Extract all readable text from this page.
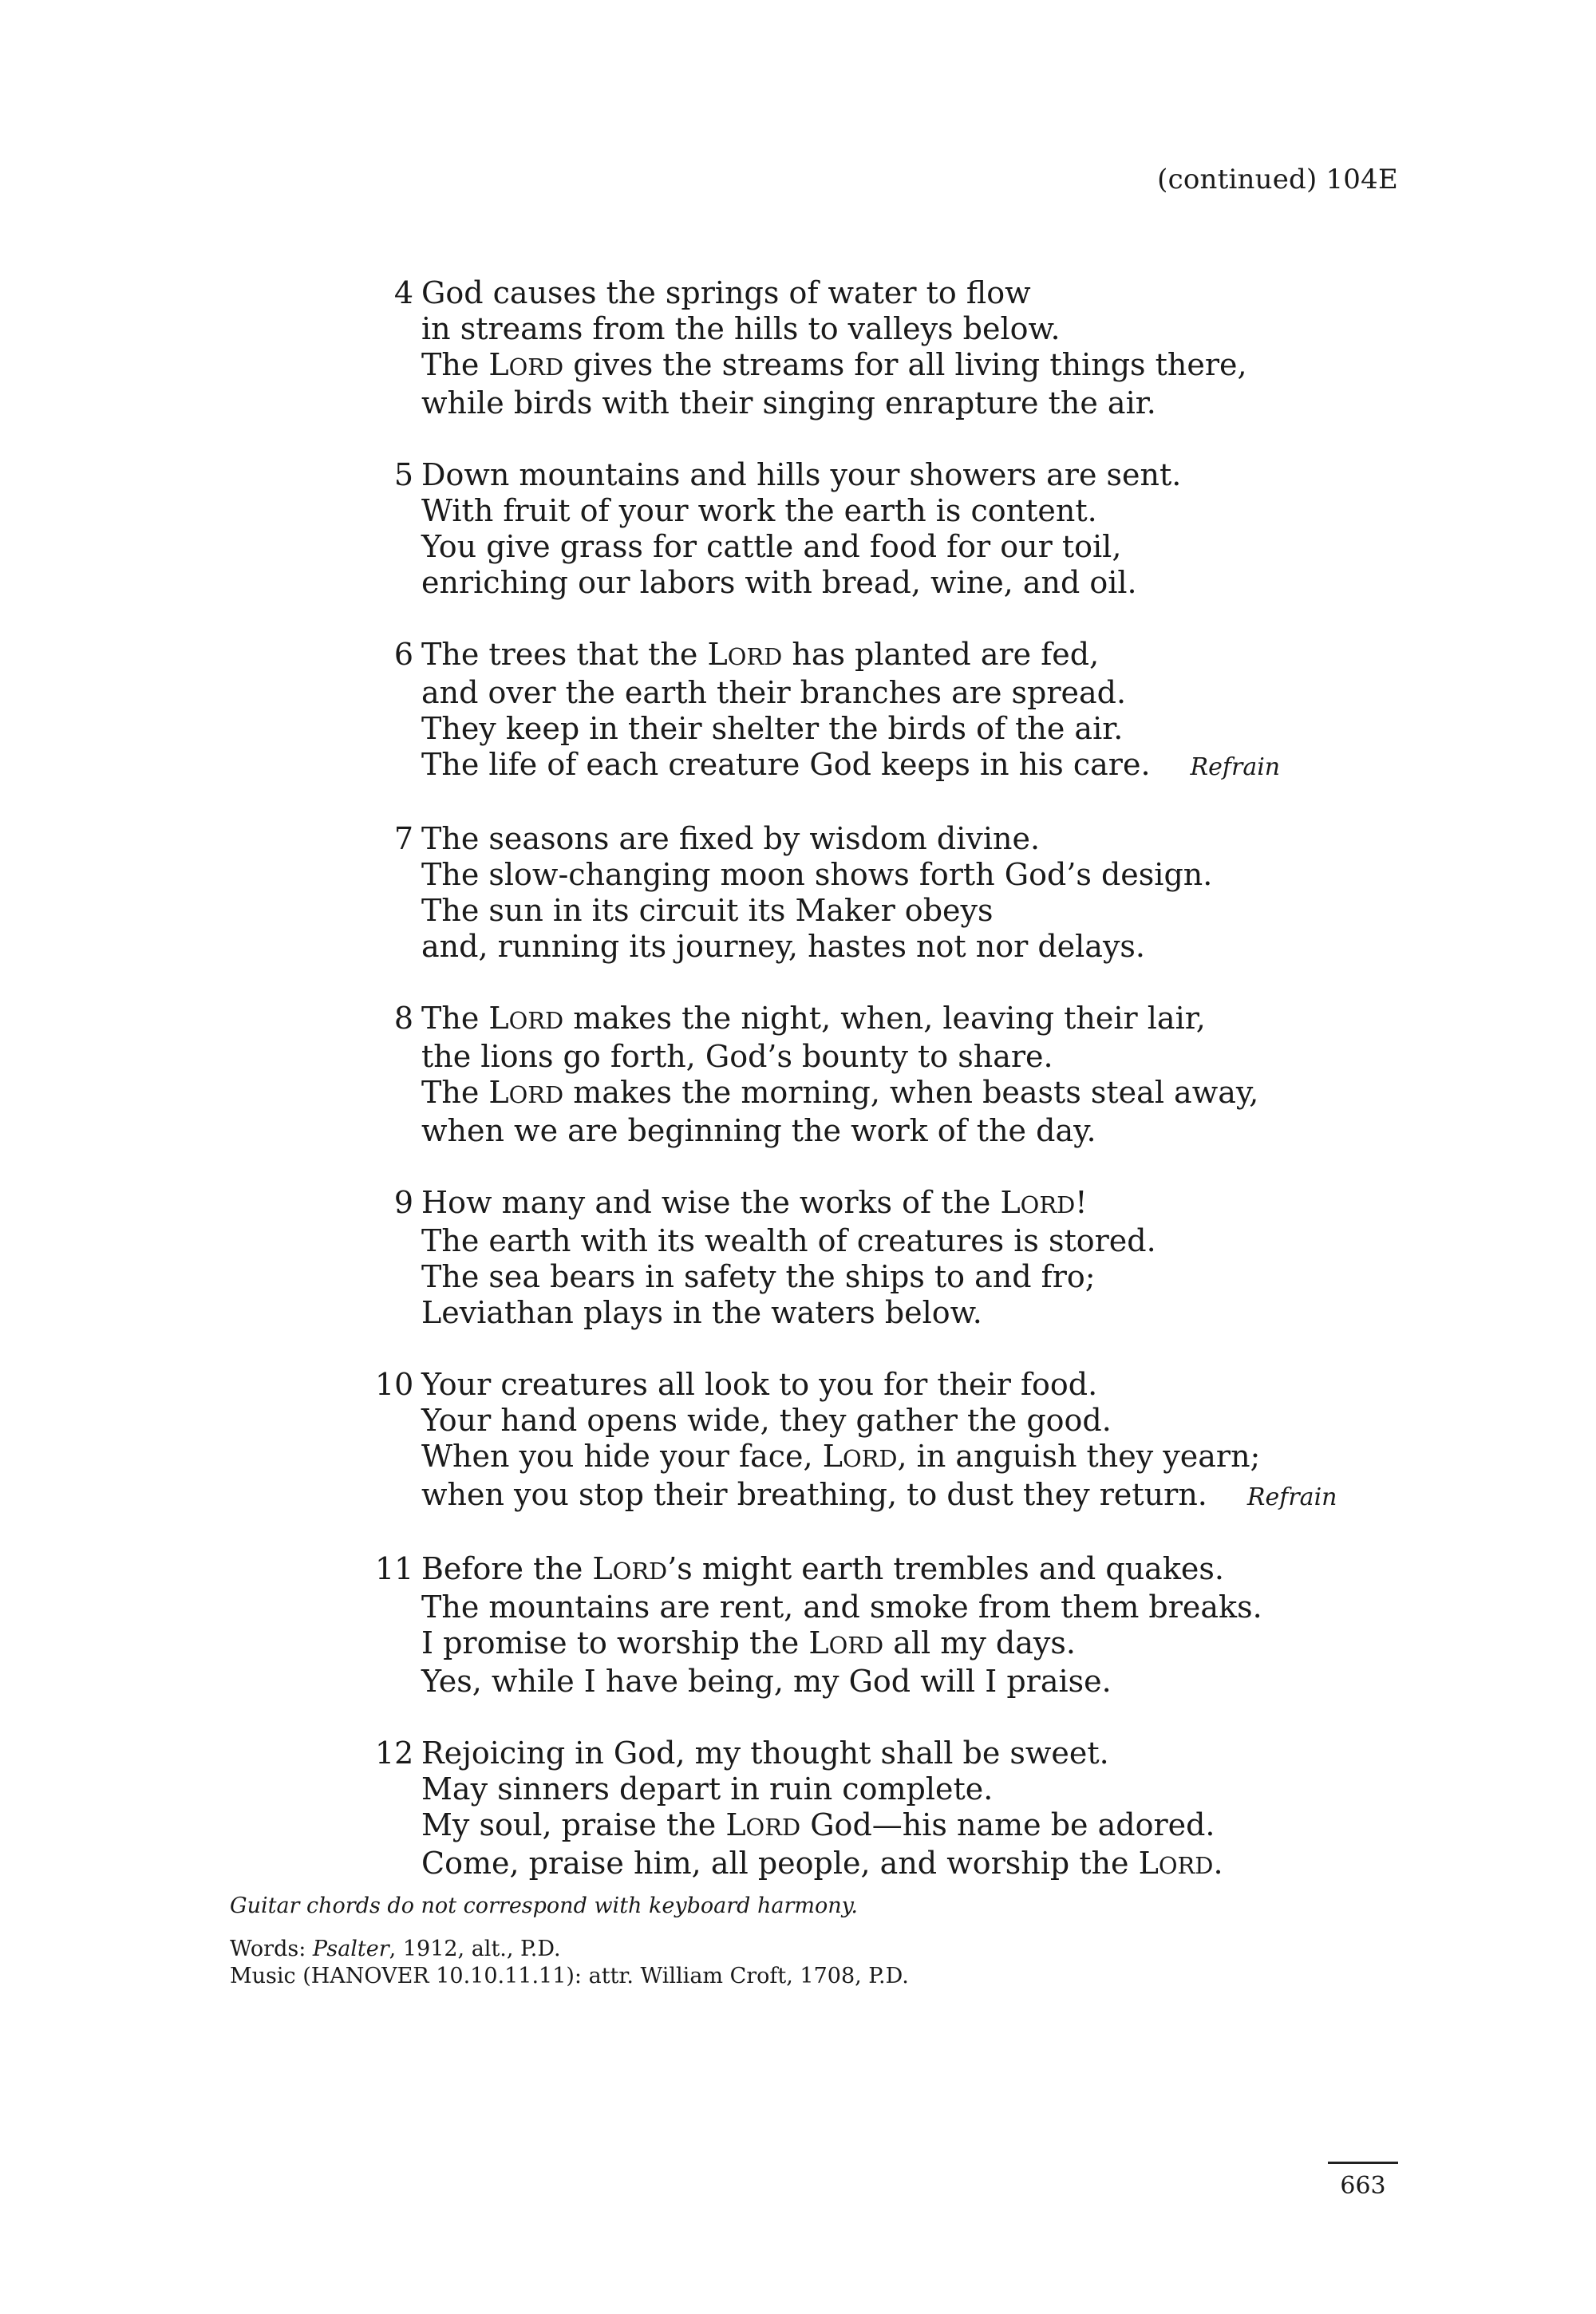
(continued) 104E
4 God causes the springs of water to flow
in streams from the hills to valleys below.
The LORD gives the streams for all living things there,
while birds with their singing enrapture the air.
5 Down mountains and hills your showers are sent.
With fruit of your work the earth is content.
You give grass for cattle and food for our toil,
enriching our labors with bread, wine, and oil.
6 The trees that the LORD has planted are fed,
and over the earth their branches are spread.
They keep in their shelter the birds of the air.
The life of each creature God keeps in his care. Refrain
7 The seasons are fixed by wisdom divine.
The slow-changing moon shows forth God’s design.
The sun in its circuit its Maker obeys
and, running its journey, hastes not nor delays.
8 The LORD makes the night, when, leaving their lair,
the lions go forth, God’s bounty to share.
The LORD makes the morning, when beasts steal away,
when we are beginning the work of the day.
9 How many and wise the works of the LORD!
The earth with its wealth of creatures is stored.
The sea bears in safety the ships to and fro;
Leviathan plays in the waters below.
10 Your creatures all look to you for their food.
Your hand opens wide, they gather the good.
When you hide your face, LORD, in anguish they yearn;
when you stop their breathing, to dust they return. Refrain
11 Before the LORD’s might earth trembles and quakes.
The mountains are rent, and smoke from them breaks.
I promise to worship the LORD all my days.
Yes, while I have being, my God will I praise.
12 Rejoicing in God, my thought shall be sweet.
May sinners depart in ruin complete.
My soul, praise the LORD God—his name be adored.
Come, praise him, all people, and worship the LORD.
Guitar chords do not correspond with keyboard harmony.
Words: Psalter, 1912, alt., P.D.
Music (HANOVER 10.10.11.11): attr. William Croft, 1708, P.D.
663
